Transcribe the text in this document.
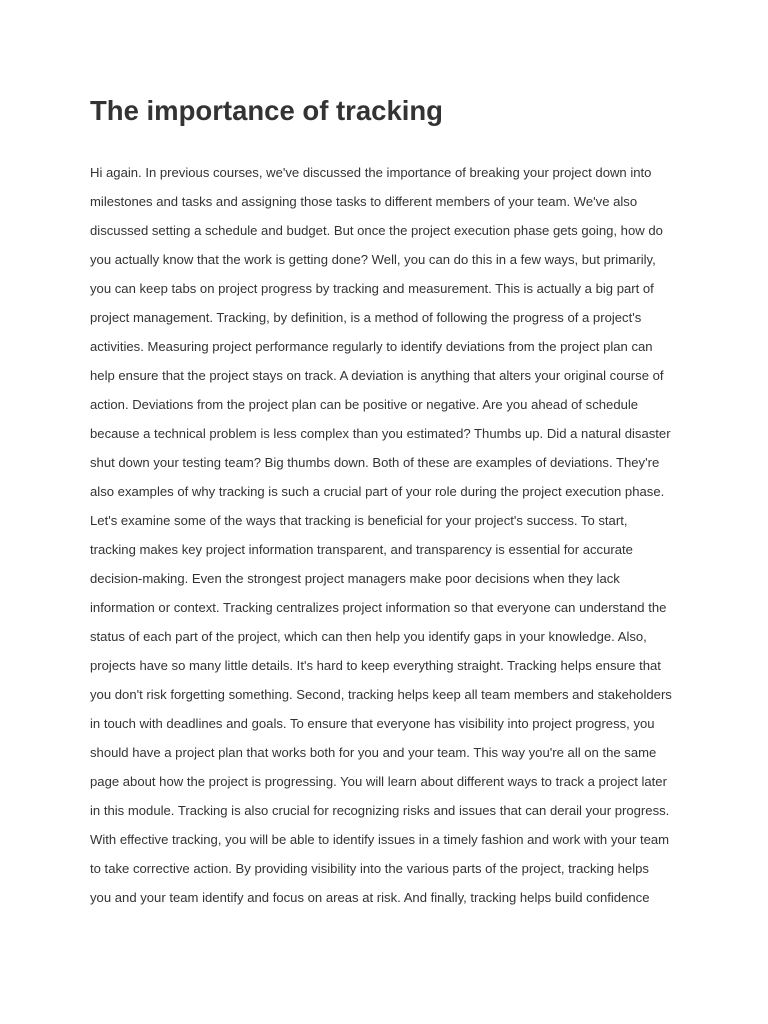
The importance of tracking
Hi again. In previous courses, we've discussed the importance of breaking your project down into
milestones and tasks and assigning those tasks to different members of your team. We've also
discussed setting a schedule and budget. But once the project execution phase gets going, how do
you actually know that the work is getting done? Well, you can do this in a few ways, but primarily,
you can keep tabs on project progress by tracking and measurement. This is actually a big part of
project management. Tracking, by definition, is a method of following the progress of a project's
activities. Measuring project performance regularly to identify deviations from the project plan can
help ensure that the project stays on track. A deviation is anything that alters your original course of
action. Deviations from the project plan can be positive or negative. Are you ahead of schedule
because a technical problem is less complex than you estimated? Thumbs up. Did a natural disaster
shut down your testing team? Big thumbs down. Both of these are examples of deviations. They're
also examples of why tracking is such a crucial part of your role during the project execution phase.
Let's examine some of the ways that tracking is beneficial for your project's success. To start,
tracking makes key project information transparent, and transparency is essential for accurate
decision-making. Even the strongest project managers make poor decisions when they lack
information or context. Tracking centralizes project information so that everyone can understand the
status of each part of the project, which can then help you identify gaps in your knowledge. Also,
projects have so many little details. It's hard to keep everything straight. Tracking helps ensure that
you don't risk forgetting something. Second, tracking helps keep all team members and stakeholders
in touch with deadlines and goals. To ensure that everyone has visibility into project progress, you
should have a project plan that works both for you and your team. This way you're all on the same
page about how the project is progressing. You will learn about different ways to track a project later
in this module. Tracking is also crucial for recognizing risks and issues that can derail your progress.
With effective tracking, you will be able to identify issues in a timely fashion and work with your team
to take corrective action. By providing visibility into the various parts of the project, tracking helps
you and your team identify and focus on areas at risk. And finally, tracking helps build confidence
